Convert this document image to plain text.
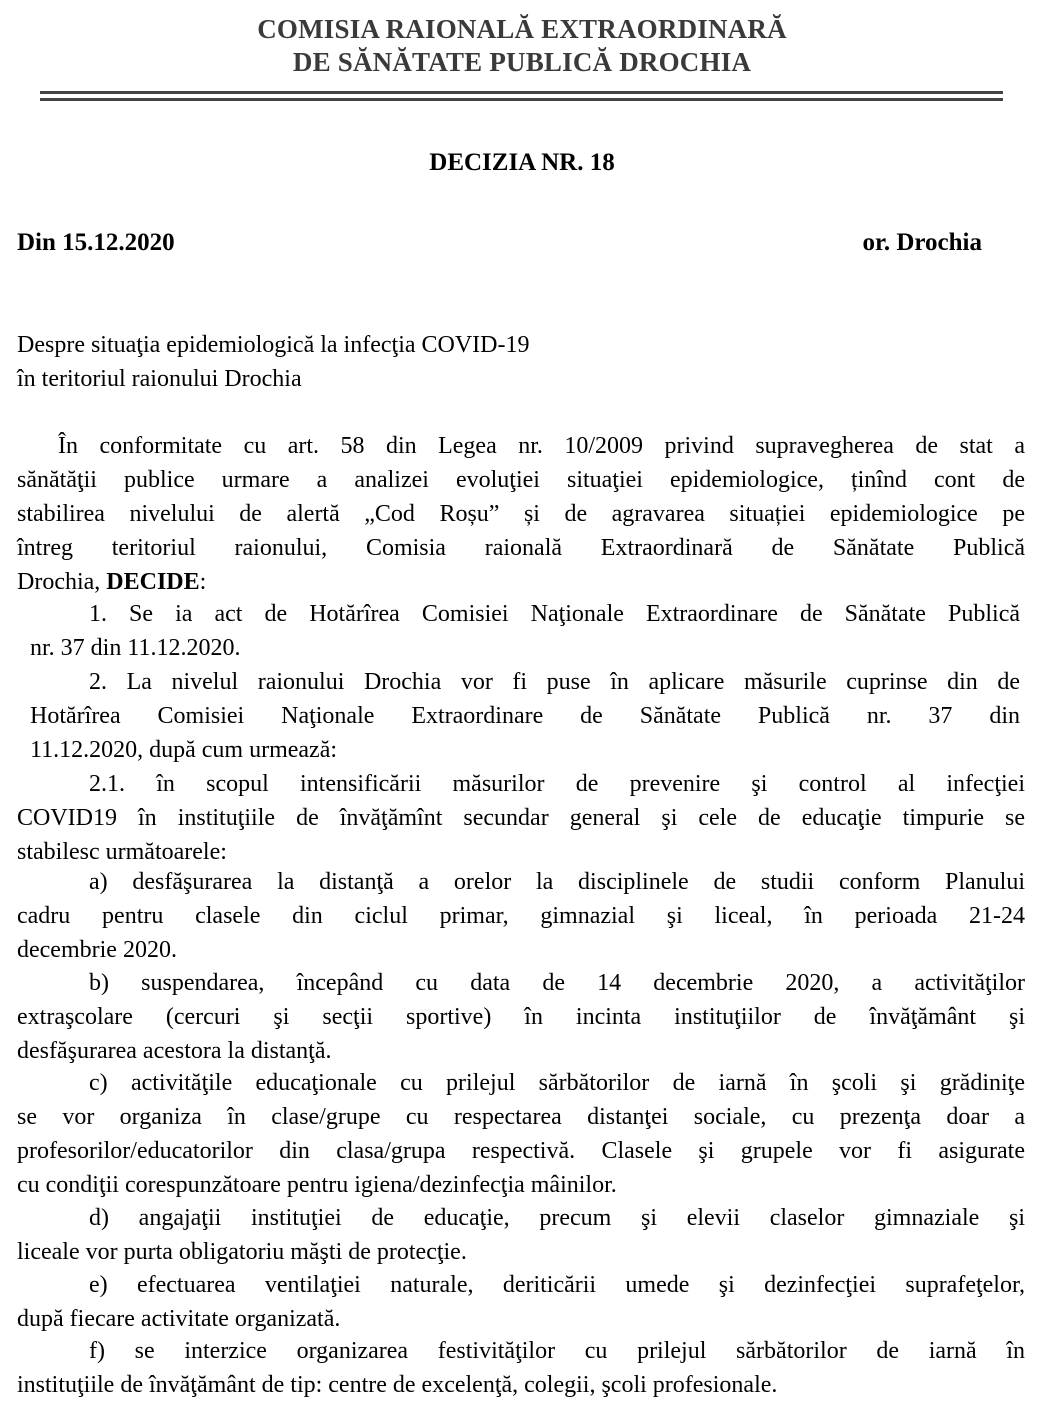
COMISIA RAIONALĂ EXTRAORDINARĂ
DE SĂNĂTATE PUBLICĂ DROCHIA
DECIZIA NR. 18
Din 15.12.2020	or. Drochia

Despre situaţia epidemiologică la infecţia COVID-19

în teritoriul raionului Drochia

În conformitate cu art. 58 din Legea nr. 10/2009 privind supravegherea de stat a

sănătăţii publice urmare a analizei evoluţiei situaţiei epidemiologice, ținînd cont de

stabilirea nivelului de alertă „Cod Roșu” și de agravarea situației epidemiologice pe

întreg teritoriul raionului, Comisia raională Extraordinară de Sănătate Publică

Drochia, DECIDE:

1. Se ia act de Hotărîrea Comisiei Naţionale Extraordinare de Sănătate Publică

nr. 37 din 11.12.2020.

2. La nivelul raionului Drochia vor fi puse în aplicare măsurile cuprinse din de

Hotărîrea Comisiei Naţionale Extraordinare de Sănătate Publică nr. 37 din

11.12.2020, după cum urmează:

2.1. în scopul intensificării măsurilor de prevenire şi control al infecţiei

COVID19 în instituţiile de învăţămînt secundar general şi cele de educaţie timpurie se

stabilesc următoarele:

a) desfăşurarea la distanţă a orelor la disciplinele de studii conform Planului

cadru pentru clasele din ciclul primar, gimnazial şi liceal, în perioada 21-24

decembrie 2020.

b) suspendarea, începând cu data de 14 decembrie 2020, a activităţilor

extraşcolare (cercuri şi secţii sportive) în incinta instituţiilor de învăţământ şi

desfăşurarea acestora la distanţă.

c) activităţile educaţionale cu prilejul sărbătorilor de iarnă în şcoli şi grădiniţe

se vor organiza în clase/grupe cu respectarea distanţei sociale, cu prezenţa doar a

profesorilor/educatorilor din clasa/grupa respectivă. Clasele şi grupele vor fi asigurate

cu condiţii corespunzătoare pentru igiena/dezinfecţia mâinilor.

d) angajaţii instituţiei de educaţie, precum şi elevii claselor gimnaziale şi

liceale vor purta obligatoriu măşti de protecţie.

e) efectuarea ventilaţiei naturale, deriticării umede şi dezinfecţiei suprafeţelor,

după fiecare activitate organizată.

f) se interzice organizarea festivităţilor cu prilejul sărbătorilor de iarnă în

instituţiile de învăţământ de tip: centre de excelenţă, colegii, şcoli profesionale.
